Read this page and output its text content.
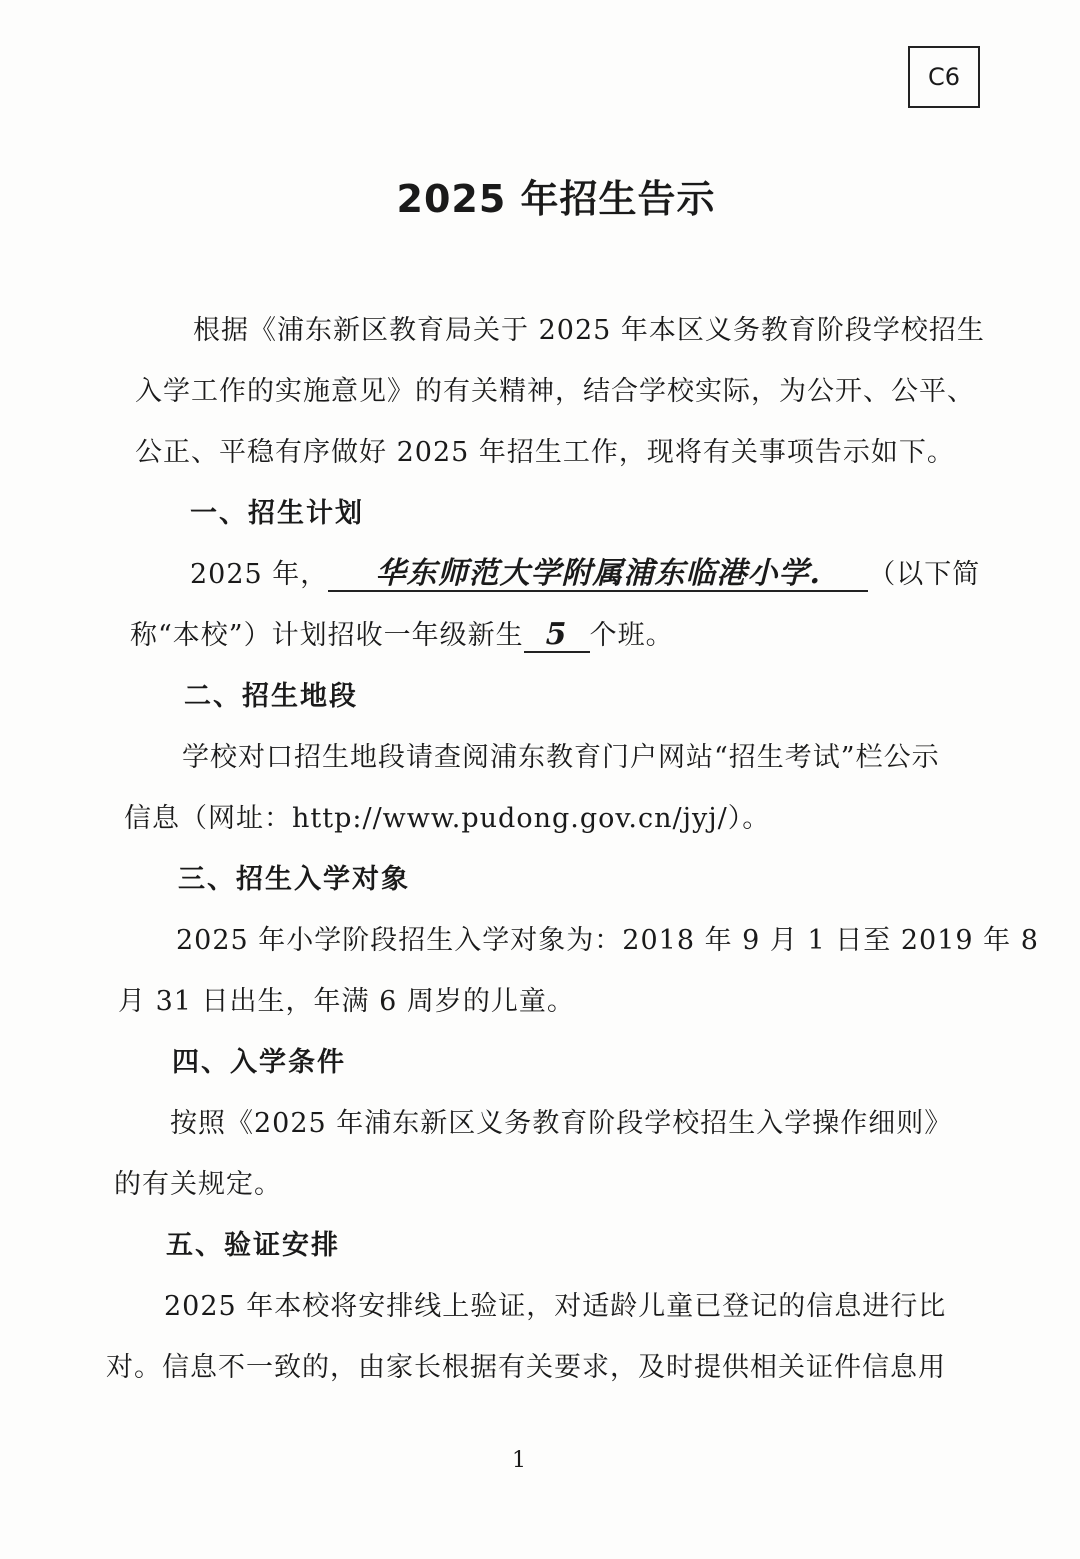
C6
2025 年招生告示
根据《浦东新区教育局关于 2025 年本区义务教育阶段学校招生
入学工作的实施意见》的有关精神，结合学校实际，为公开、公平、
公正、平稳有序做好 2025 年招生工作，现将有关事项告示如下。
一、招生计划
2025 年， 华东师范大学附属浦东临港小学. （以下简
称“本校”）计划招收一年级新生 5 个班。
二、招生地段
学校对口招生地段请查阅浦东教育门户网站“招生考试”栏公示
信息（网址：http://www.pudong.gov.cn/jyj/）。
三、招生入学对象
2025 年小学阶段招生入学对象为：2018 年 9 月 1 日至 2019 年 8
月 31 日出生，年满 6 周岁的儿童。
四、入学条件
按照《2025 年浦东新区义务教育阶段学校招生入学操作细则》
的有关规定。
五、验证安排
2025 年本校将安排线上验证，对适龄儿童已登记的信息进行比
对。信息不一致的，由家长根据有关要求，及时提供相关证件信息用
1
